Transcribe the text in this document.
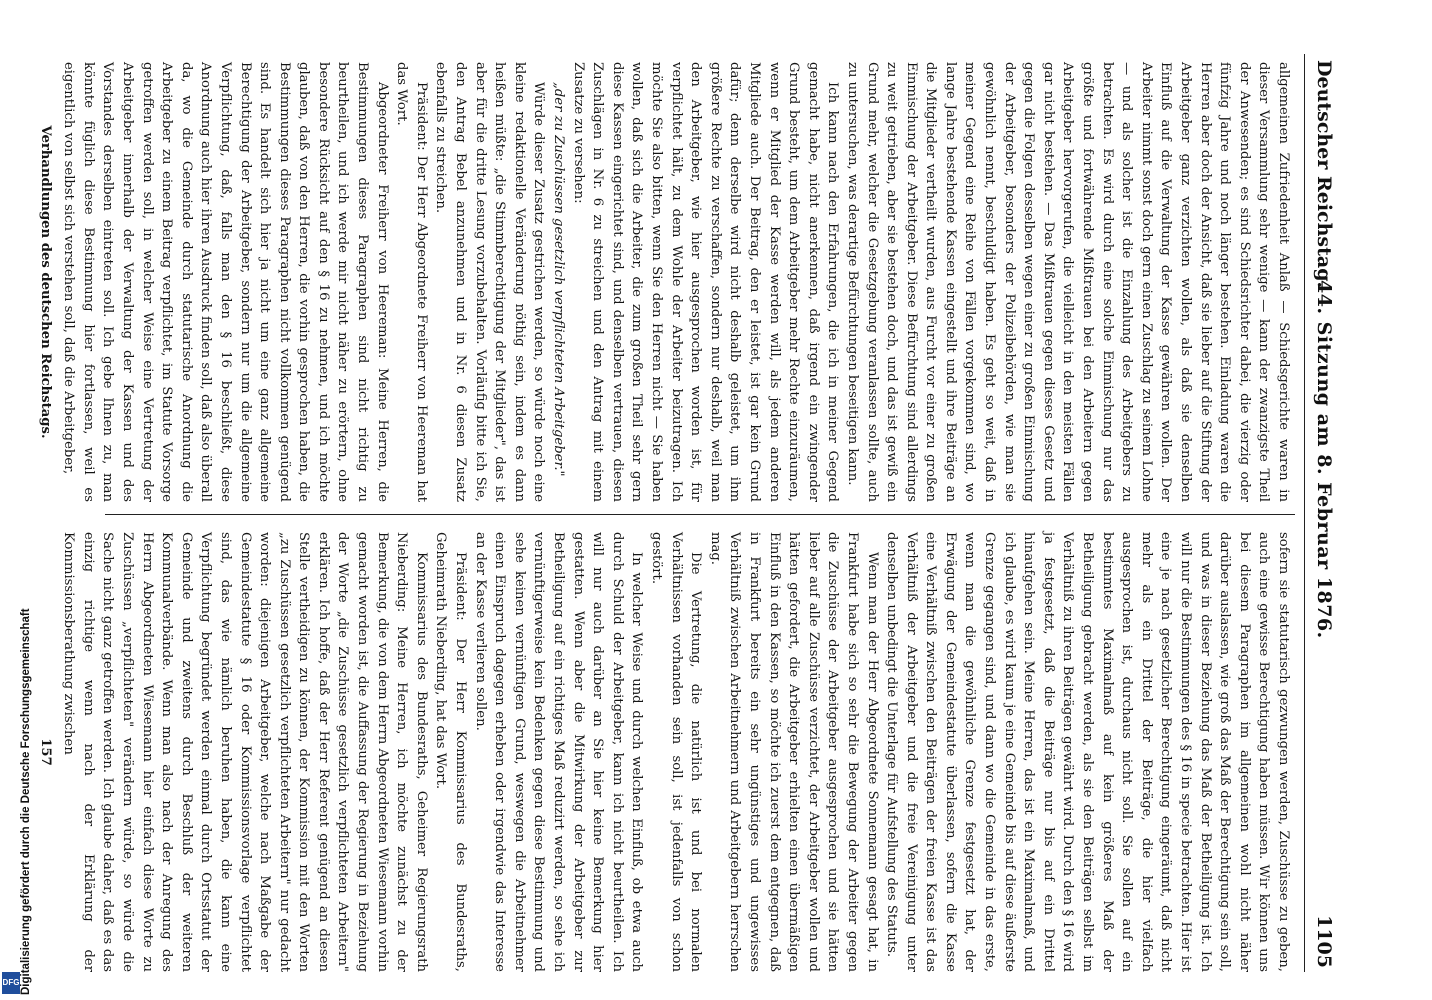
Digitalisierung gefördert durch die Deutsche Forschungsgemeinschaft
DFG
Deutscher Reichstag.
44. Sitzung am 8. Februar 1876.
1105

allgemeinen Zufriedenheit Anlaß — Schiedsgerichte waren in dieser Versammlung sehr wenige — kann der zwanzigste Theil der Anwesenden; es sind Schiedsrichter dabei, die vierzig oder fünfzig Jahre und noch länger bestehen. Einladung waren die Herren aber doch der Ansicht, daß sie lieber auf die Stiftung der Arbeitgeber ganz verzichten wollen, als daß sie denselben Einfluß auf die Verwaltung der Kasse gewähren wollen. Der Arbeiter nimmt sonst doch gern einen Zuschlag zu seinem Lohne — und als solcher ist die Einzahlung des Arbeitgebers zu betrachten. Es wird durch eine solche Einmischung nur das größte und fortwährende Mißtrauen bei den Arbeitern gegen Arbeitgeber hervorgerufen, die vielleicht in den meisten Fällen gar nicht bestehen. — Das Mißtrauen gegen dieses Gesetz und gegen die Folgen desselben wegen einer zu großen Einmischung der Arbeitgeber, besonders der Polizeibehörden, wie man sie gewöhnlich nennt, beschuldigt haben. Es geht so weit, daß in meiner Gegend eine Reihe von Fällen vorgekommen sind, wo lange Jahre bestehende Kassen eingestellt und ihre Beiträge an die Mitglieder vertheilt wurden, aus Furcht vor einer zu großen Einmischung der Arbeitgeber. Diese Befürchtung sind allerdings zu weit getrieben, aber sie bestehen doch, und das ist gewiß ein Grund mehr, welcher die Gesetzgebung veranlassen sollte, auch zu untersuchen, was derartige Befürchtungen beseitigen kann.

Ich kann nach den Erfahrungen, die ich in meiner Gegend gemacht habe, nicht anerkennen, daß irgend ein zwingender Grund besteht, um dem Arbeitgeber mehr Rechte einzuräumen, wenn er Mitglied der Kasse werden will, als jedem anderen Mitgliede auch. Der Beitrag, den er leistet, ist gar kein Grund dafür; denn derselbe wird nicht deshalb geleistet, um ihm größere Rechte zu verschaffen, sondern nur deshalb, weil man den Arbeitgeber, wie hier ausgesprochen worden ist, für verpflichtet hält, zu dem Wohle der Arbeiter beizutragen. Ich möchte Sie also bitten, wenn Sie den Herren nicht — Sie haben wollen, daß sich die Arbeiter, die zum großen Theil sehr gern diese Kassen eingerichtet sind, und denselben vertrauen, diesen Zuschlägen in Nr. 6 zu streichen und den Antrag mit einem Zusatze zu versehen:

„der zu Zuschüssen gesetzlich verpflichteten Arbeitgeber."

Würde dieser Zusatz gestrichen werden, so würde noch eine kleine redaktionelle Veränderung nöthig sein, indem es dann heißen müßte: „die Stimmberechtigung der Mitglieder", das ist aber für die dritte Lesung vorzubehalten. Vorläufig bitte ich Sie, den Antrag Bebel anzunehmen und in Nr. 6 diesen Zusatz ebenfalls zu streichen.

Präsident: Der Herr Abgeordnete Freiherr von Heereman hat das Wort.

Abgeordneter Freiherr von Heereman: Meine Herren, die Bestimmungen dieses Paragraphen sind nicht richtig zu beurtheilen, und ich werde mir nicht näher zu erörtern, ohne besondere Rücksicht auf den § 16 zu nehmen, und ich möchte glauben, daß von den Herren, die vorhin gesprochen haben, die Bestimmungen dieses Paragraphen nicht vollkommen genügend sind. Es handelt sich hier ja nicht um eine ganz allgemeine Berechtigung der Arbeitgeber, sondern nur um die allgemeine Verpflichtung, daß, falls man den § 16 beschließt, diese Anordnung auch hier ihren Ausdruck finden soll, daß also überall da, wo die Gemeinde durch statutarische Anordnung die Arbeitgeber zu einem Beitrag verpflichtet, im Statute Vorsorge getroffen werden soll, in welcher Weise eine Vertretung der Arbeitgeber innerhalb der Verwaltung der Kassen und des Vorstandes derselben eintreten soll. Ich gebe Ihnen zu, man könnte füglich diese Bestimmung hier fortlassen, weil es eigentlich von selbst sich verstehen soll, daß die Arbeitgeber,

Verhandlungen des deutschen Reichstags.

sofern sie statutarisch gezwungen werden, Zuschüsse zu geben, auch eine gewisse Berechtigung haben müssen. Wir können uns bei diesem Paragraphen im allgemeinen wohl nicht näher darüber auslassen, wie groß das Maß der Berechtigung sein soll, und was in dieser Beziehung das Maß der Betheiligung ist. Ich will nur die Bestimmungen des § 16 in specie betrachten. Hier ist eine je nach gesetzlicher Berechtigung eingeräumt, daß nicht mehr als ein Drittel der Beiträge, die hier vielfach ausgesprochen ist, durchaus nicht soll. Sie sollen auf ein bestimmtes Maximalmaß auf kein größeres Maß der Betheiligung gebracht werden, als sie den Beiträgen selbst im Verhältniß zu ihren Beiträgen gewährt wird. Durch den § 16 wird ja festgesetzt, daß die Beiträge nur bis auf ein Drittel hinaufgehen sein. Meine Herren, das ist ein Maximalmaß, und ich glaube, es wird kaum je eine Gemeinde bis auf diese äußerste Grenze gegangen sind, und dann wo die Gemeinde in das erste, wenn man die gewöhnliche Grenze festgesetzt hat, der Erwägung der Gemeindestatute überlassen, sofern die Kasse eine Verhältniß zwischen den Beiträgen der freien Kasse ist das Verhältniß der Arbeitgeber und die freie Vereinigung unter denselben unbedingt die Unterlage für Aufstellung des Statuts.

Wenn man der Herr Abgeordnete Sonnemann gesagt hat, in Frankfurt habe sich so sehr die Bewegung der Arbeiter gegen die Zuschüsse der Arbeitgeber ausgesprochen und sie hätten lieber auf alle Zuschüsse verzichtet, der Arbeitgeber wollen und hätten gefordert, die Arbeitgeber erhielten einen übermäßigen Einfluß in den Kassen, so möchte ich zuerst dem entgegnen, daß in Frankfurt bereits ein sehr ungünstiges und ungewisses Verhältniß zwischen Arbeitnehmern und Arbeitgebern herrschen mag.

Die Vertretung, die natürlich ist und bei normalen Verhältnissen vorhanden sein soll, ist jedenfalls von schon gestört.

In welcher Weise und durch welchen Einfluß, ob etwa auch durch Schuld der Arbeitgeber, kann ich nicht beurtheilen. Ich will nur auch darüber an Sie hier keine Bemerkung hier gestatten. Wenn aber die Mitwirkung der Arbeitgeber zur Betheiligung auf ein richtiges Maß reduzirt werden, so sehe ich vernünftigerweise kein Bedenken gegen diese Bestimmung und sehe keinen vernünftigen Grund, weswegen die Arbeitnehmer einen Einspruch dagegen erheben oder irgendwie das Interesse an der Kasse verlieren sollen.

Präsident: Der Herr Kommissarius des Bundesraths, Geheimrath Nieberding, hat das Wort.

Kommissarius des Bundesraths, Geheimer Regierungsrath Nieberding: Meine Herren, ich möchte zunächst zu der Bemerkung, die von dem Herrn Abgeordneten Wiesemann vorhin gemacht worden ist, die Auffassung der Regierung in Beziehung der Worte „die Zuschüsse gesetzlich verpflichteten Arbeitern" erklären. Ich hoffe, daß der Herr Referent genügend an diesen Stelle vertheidigen zu können, der Kommission mit den Worten „zu Zuschüssen gesetzlich verpflichteten Arbeitern" nur gedacht worden: diejenigen Arbeitgeber, welche nach Maßgabe der Gemeindestatute § 16 oder Kommissionsvorlage verpflichtet sind, das wie nämlich beruhen haben, die kann eine Verpflichtung begründet werden einmal durch Ortsstatut der Gemeinde und zweitens durch Beschluß der weiteren Kommunalverbände. Wenn man also nach der Anregung des Herrn Abgeordneten Wiesemann hier einfach diese Worte zu Zuschüssen „verpflichteten" verändern würde, so würde die Sache nicht ganz getroffen werden. Ich glaube daher, daß es das einzig richtige wenn nach der Erklärung der Kommissionsberathung zwischen

157
